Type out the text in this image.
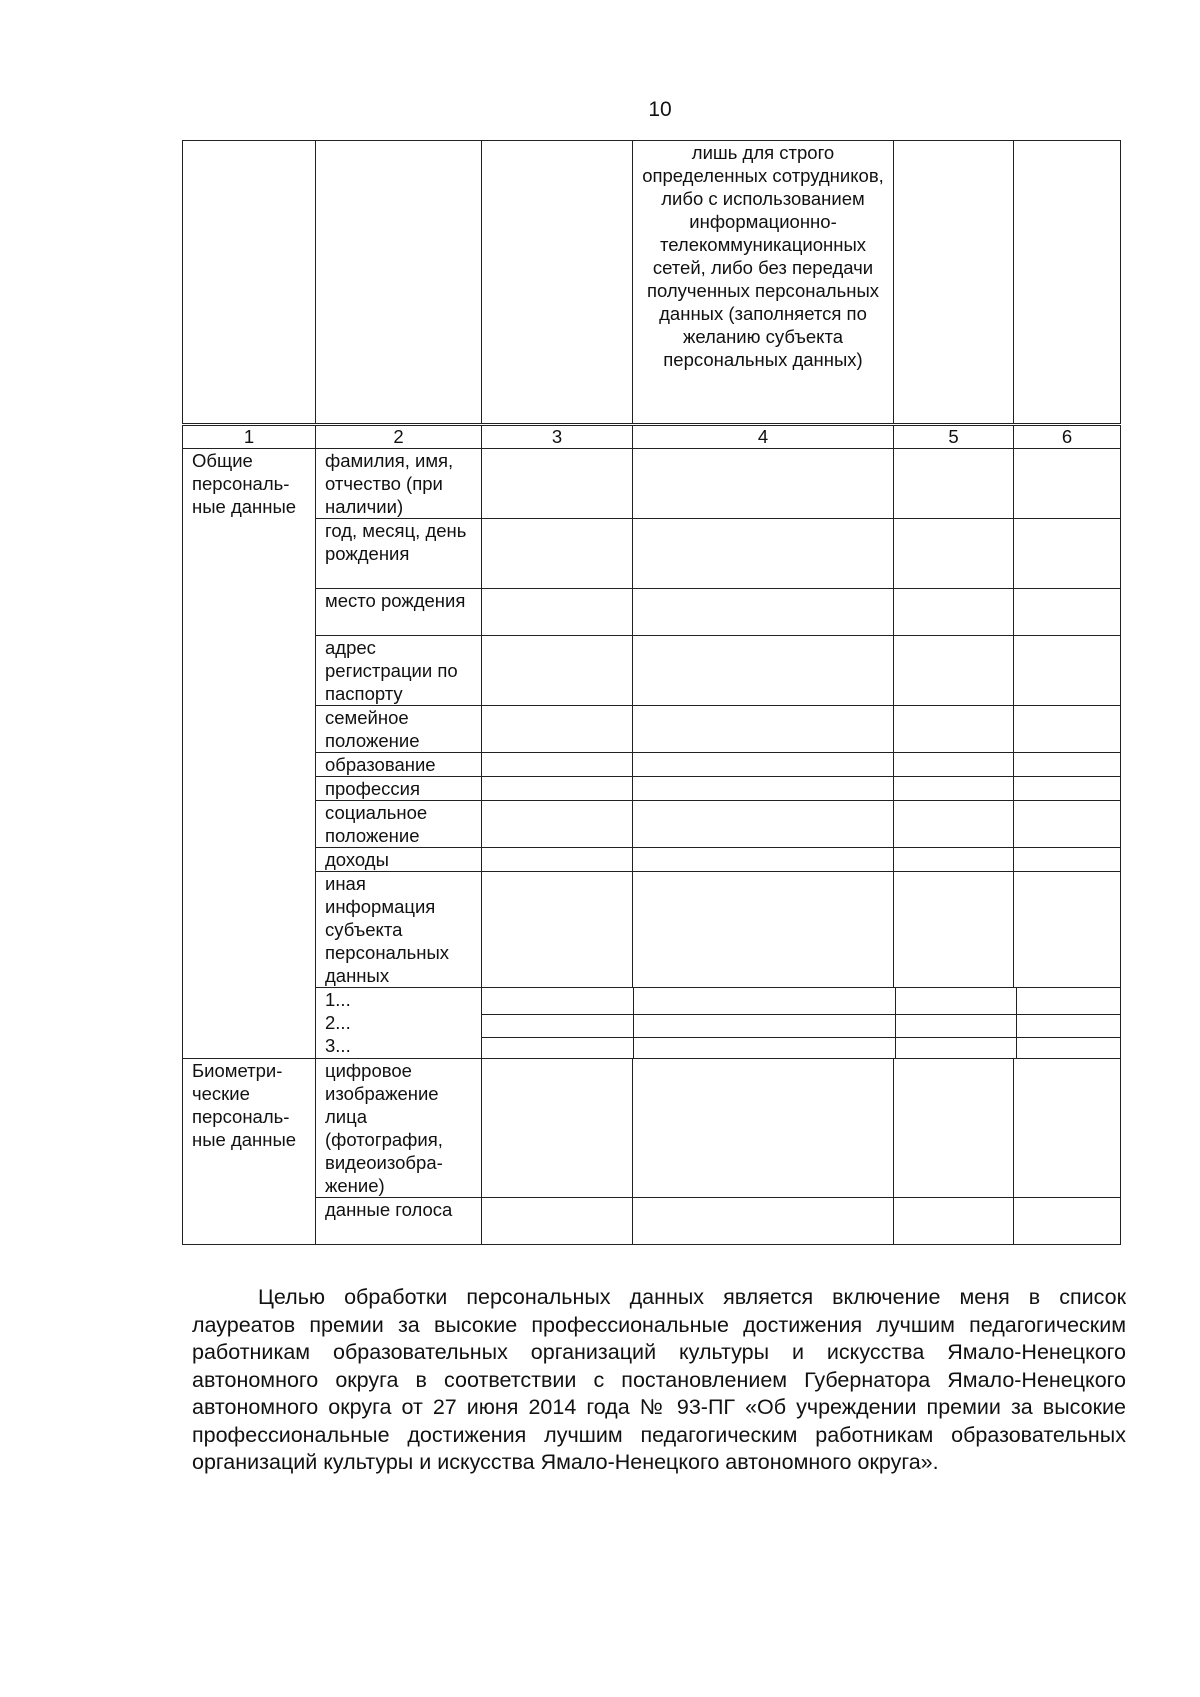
10
			лишь для строго определенных сотрудников, либо с использованием информационно-телекоммуникационных сетей, либо без передачи полученных персональных данных (заполняется по желанию субъекта персональных данных)		
1	2	3	4	5	6
Общие персональ-ные данные	фамилия, имя, отчество (при наличии)				
	год, месяц, день рождения				
	место рождения				
	адрес регистрации по паспорту				
	семейное положение				
	образование				
	профессия				
	социальное положение				
	доходы				
	иная информация субъекта персональных данных				

	1...
2...
3...				

Биометри-ческие персональ-ные данные	цифровое изображение лица (фотография, видеоизобра-жение)				
	данные голоса				
Целью обработки персональных данных является включение меня в список лауреатов премии за высокие профессиональные достижения лучшим педагогическим работникам образовательных организаций культуры и искусства Ямало-Ненецкого автономного округа в соответствии с постановлением Губернатора Ямало-Ненецкого автономного округа от 27 июня 2014 года № 93-ПГ «Об учреждении премии за высокие профессиональные достижения лучшим педагогическим работникам образовательных организаций культуры и искусства Ямало-Ненецкого автономного округа».
